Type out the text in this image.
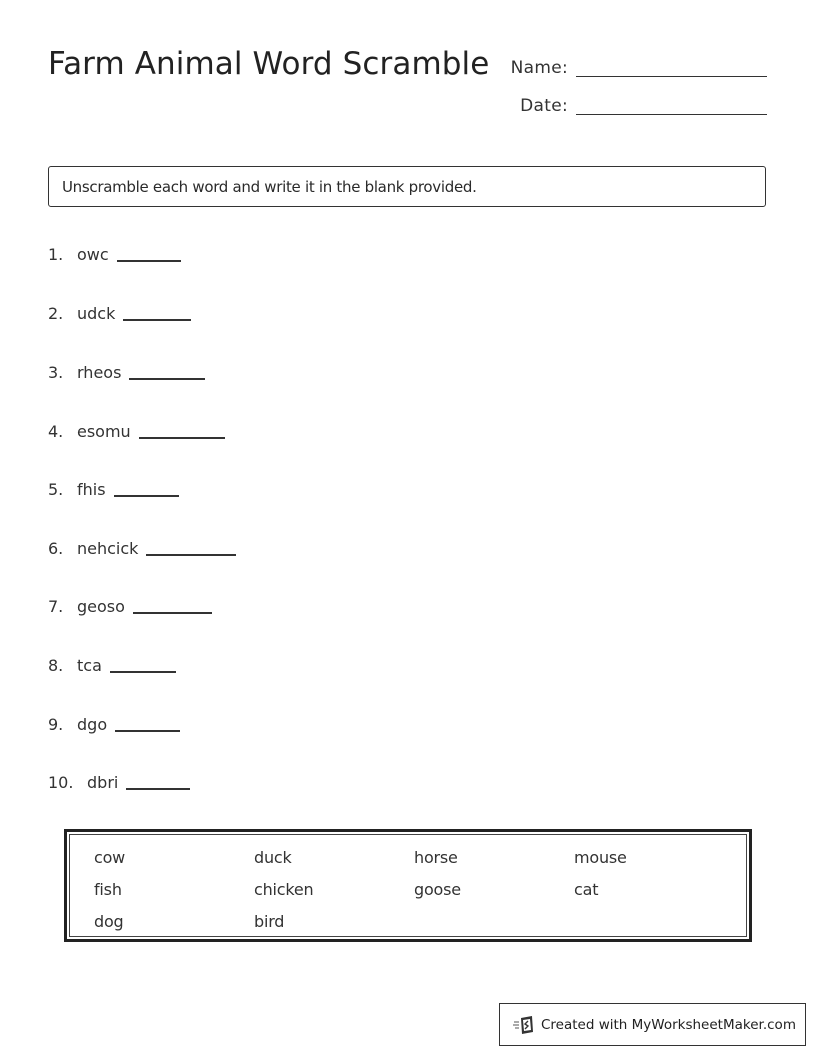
Farm Animal Word Scramble	Name:
Date:
Unscramble each word and write it in the blank provided.
1. owc
2. udck
3. rheos
4. esomu
5. fhis
6. nehcick
7. geoso
8. tca
9. dgo
10. dbri
cow	duck	horse	mouse
fish	chicken	goose	cat
dog	bird
Created with MyWorksheetMaker.com
